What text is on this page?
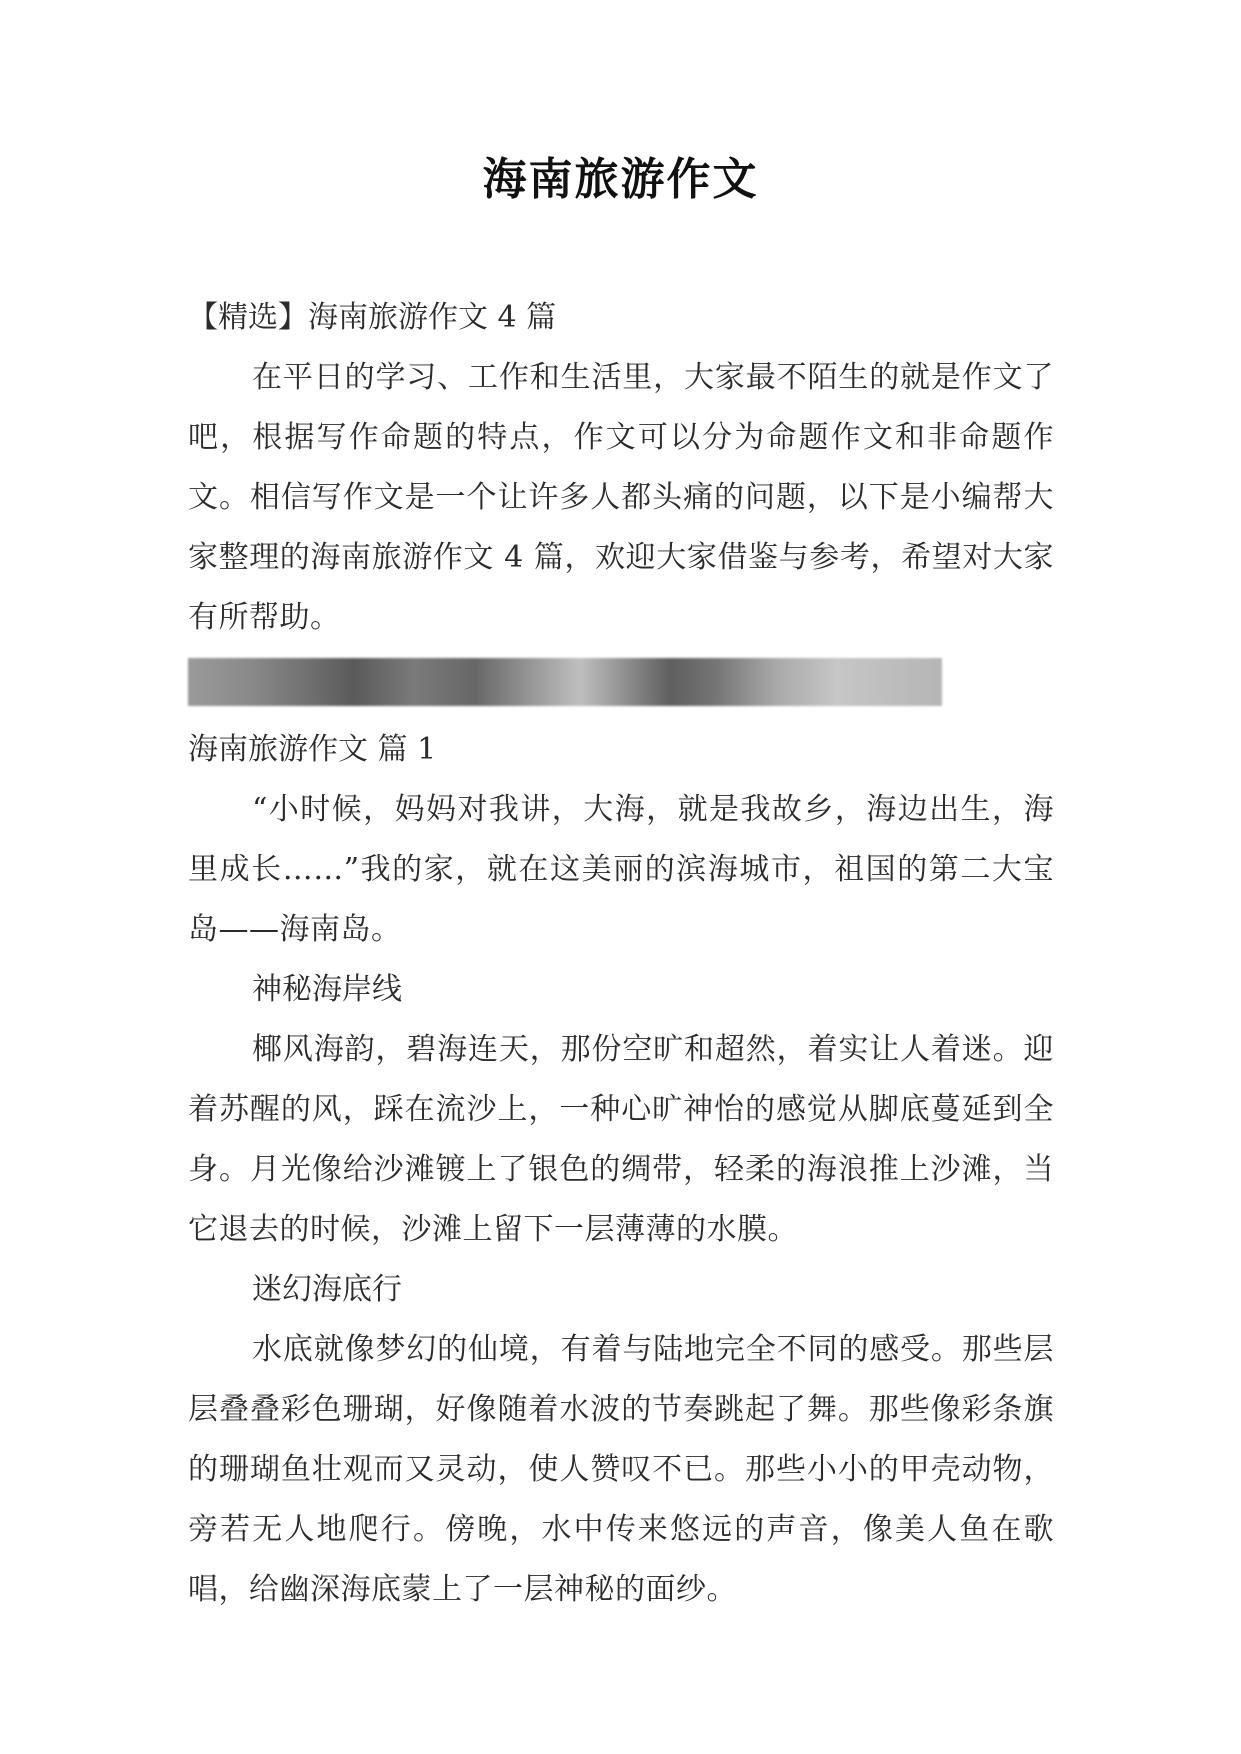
海南旅游作文
【精选】海南旅游作文 4 篇
在平日的学习、工作和生活里，大家最不陌生的就是作文了吧，根据写作命题的特点，作文可以分为命题作文和非命题作文。相信写作文是一个让许多人都头痛的问题，以下是小编帮大家整理的海南旅游作文 4 篇，欢迎大家借鉴与参考，希望对大家有所帮助。
海南旅游作文 篇 1
“小时候，妈妈对我讲，大海，就是我故乡，海边出生，海里成长……”我的家，就在这美丽的滨海城市，祖国的第二大宝岛——海南岛。
神秘海岸线
椰风海韵，碧海连天，那份空旷和超然，着实让人着迷。迎着苏醒的风，踩在流沙上，一种心旷神怡的感觉从脚底蔓延到全身。月光像给沙滩镀上了银色的绸带，轻柔的海浪推上沙滩，当它退去的时候，沙滩上留下一层薄薄的水膜。
迷幻海底行
水底就像梦幻的仙境，有着与陆地完全不同的感受。那些层层叠叠彩色珊瑚，好像随着水波的节奏跳起了舞。那些像彩条旗的珊瑚鱼壮观而又灵动，使人赞叹不已。那些小小的甲壳动物，旁若无人地爬行。傍晚，水中传来悠远的声音，像美人鱼在歌唱，给幽深海底蒙上了一层神秘的面纱。
